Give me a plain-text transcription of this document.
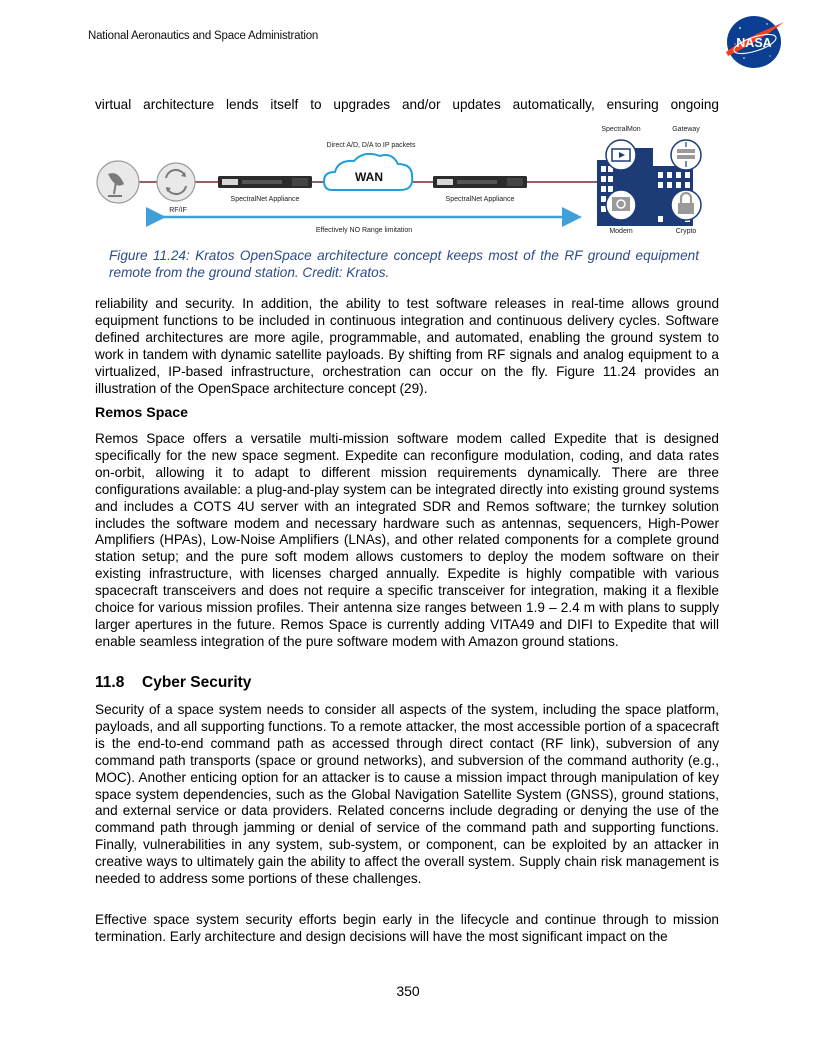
National Aeronautics and Space Administration	NASA
virtual architecture lends itself to upgrades and/or updates automatically, ensuring ongoing
RF/IF
SpectralNet Appliance
WAN
Direct A/D, D/A to IP packets
SpectralNet Appliance
Effectively NO Range limitation
SpectralMon	Gateway
Modem	Crypto
Figure 11.24: Kratos OpenSpace architecture concept keeps most of the RF ground equipment remote from the ground station. Credit: Kratos.
reliability and security. In addition, the ability to test software releases in real-time allows ground equipment functions to be included in continuous integration and continuous delivery cycles. Software defined architectures are more agile, programmable, and automated, enabling the ground system to work in tandem with dynamic satellite payloads. By shifting from RF signals and analog equipment to a virtualized, IP-based infrastructure, orchestration can occur on the fly. Figure 11.24 provides an illustration of the OpenSpace architecture concept (29).
Remos Space
Remos Space offers a versatile multi-mission software modem called Expedite that is designed specifically for the new space segment. Expedite can reconfigure modulation, coding, and data rates on-orbit, allowing it to adapt to different mission requirements dynamically. There are three configurations available: a plug-and-play system can be integrated directly into existing ground systems and includes a COTS 4U server with an integrated SDR and Remos software; the turnkey solution includes the software modem and necessary hardware such as antennas, sequencers, High-Power Amplifiers (HPAs), Low-Noise Amplifiers (LNAs), and other related components for a complete ground station setup; and the pure soft modem allows customers to deploy the modem software on their existing infrastructure, with licenses charged annually. Expedite is highly compatible with various spacecraft transceivers and does not require a specific transceiver for integration, making it a flexible choice for various mission profiles. Their antenna size ranges between 1.9 – 2.4 m with plans to supply larger apertures in the future. Remos Space is currently adding VITA49 and DIFI to Expedite that will enable seamless integration of the pure software modem with Amazon ground stations.
11.8 Cyber Security
Security of a space system needs to consider all aspects of the system, including the space platform, payloads, and all supporting functions. To a remote attacker, the most accessible portion of a spacecraft is the end-to-end command path as accessed through direct contact (RF link), subversion of any command path transports (space or ground networks), and subversion of the command authority (e.g., MOC). Another enticing option for an attacker is to cause a mission impact through manipulation of key space system dependencies, such as the Global Navigation Satellite System (GNSS), ground stations, and external service or data providers. Related concerns include degrading or denying the use of the command path through jamming or denial of service of the command path and supporting functions. Finally, vulnerabilities in any system, sub-system, or component, can be exploited by an attacker in creative ways to ultimately gain the ability to affect the overall system. Supply chain risk management is needed to address some portions of these challenges.
Effective space system security efforts begin early in the lifecycle and continue through to mission termination. Early architecture and design decisions will have the most significant impact on the
350
